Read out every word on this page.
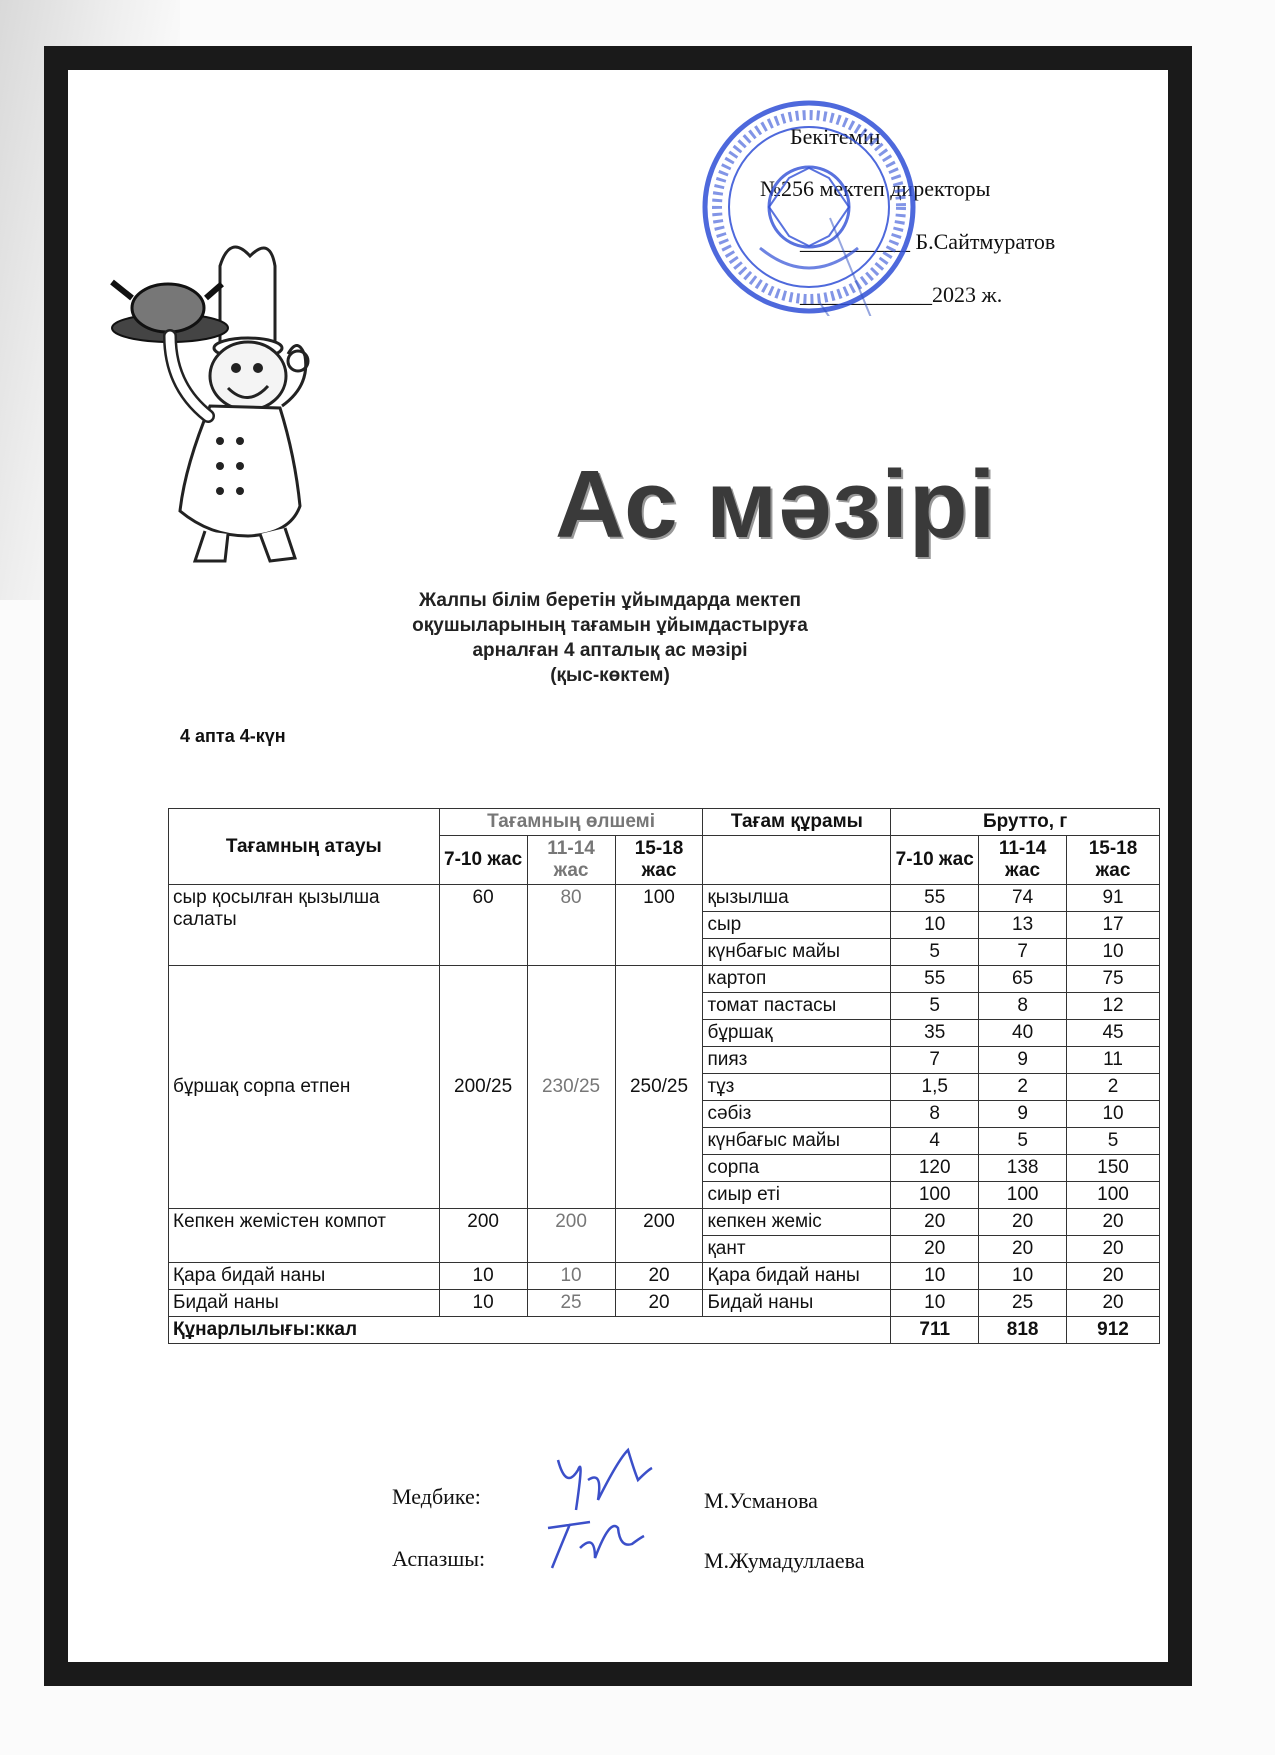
Бекітемін
№256 мектеп директоры
__________ Б.Сайтмуратов
____________2023 ж.
Ас мәзірі
Жалпы білім беретін ұйымдарда мектеп
оқушыларының тағамын ұйымдастыруға
арналған 4 апталық ас мәзірі
(қыс-көктем)
4 апта 4-күн
Тағамның атауы	Тағамның өлшемі			Тағам құрамы	Брутто, г		
	7-10 жас	11-14 жас	15-18 жас		7-10 жас	11-14 жас	15-18 жас
сыр қосылған қызылша салаты	60	80	100	қызылша	55	74	91
				сыр	10	13	17
				күнбағыс майы	5	7	10
бұршақ сорпа етпен	200/25	230/25	250/25	картоп	55	65	75
				томат пастасы	5	8	12
				бұршақ	35	40	45
				пияз	7	9	11
				тұз	1,5	2	2
				сәбіз	8	9	10
				күнбағыс майы	4	5	5
				сорпа	120	138	150
				сиыр еті	100	100	100
Кепкен жемістен компот	200	200	200	кепкен жеміс	20	20	20
				қант	20	20	20
Қара бидай наны	10	10	20	Қара бидай наны	10	10	20
Бидай наны	10	25	20	Бидай наны	10	25	20
Құнарлылығы:ккал					711	818	912
Медбике:	М.Усманова
Аспазшы:	М.Жумадуллаева
